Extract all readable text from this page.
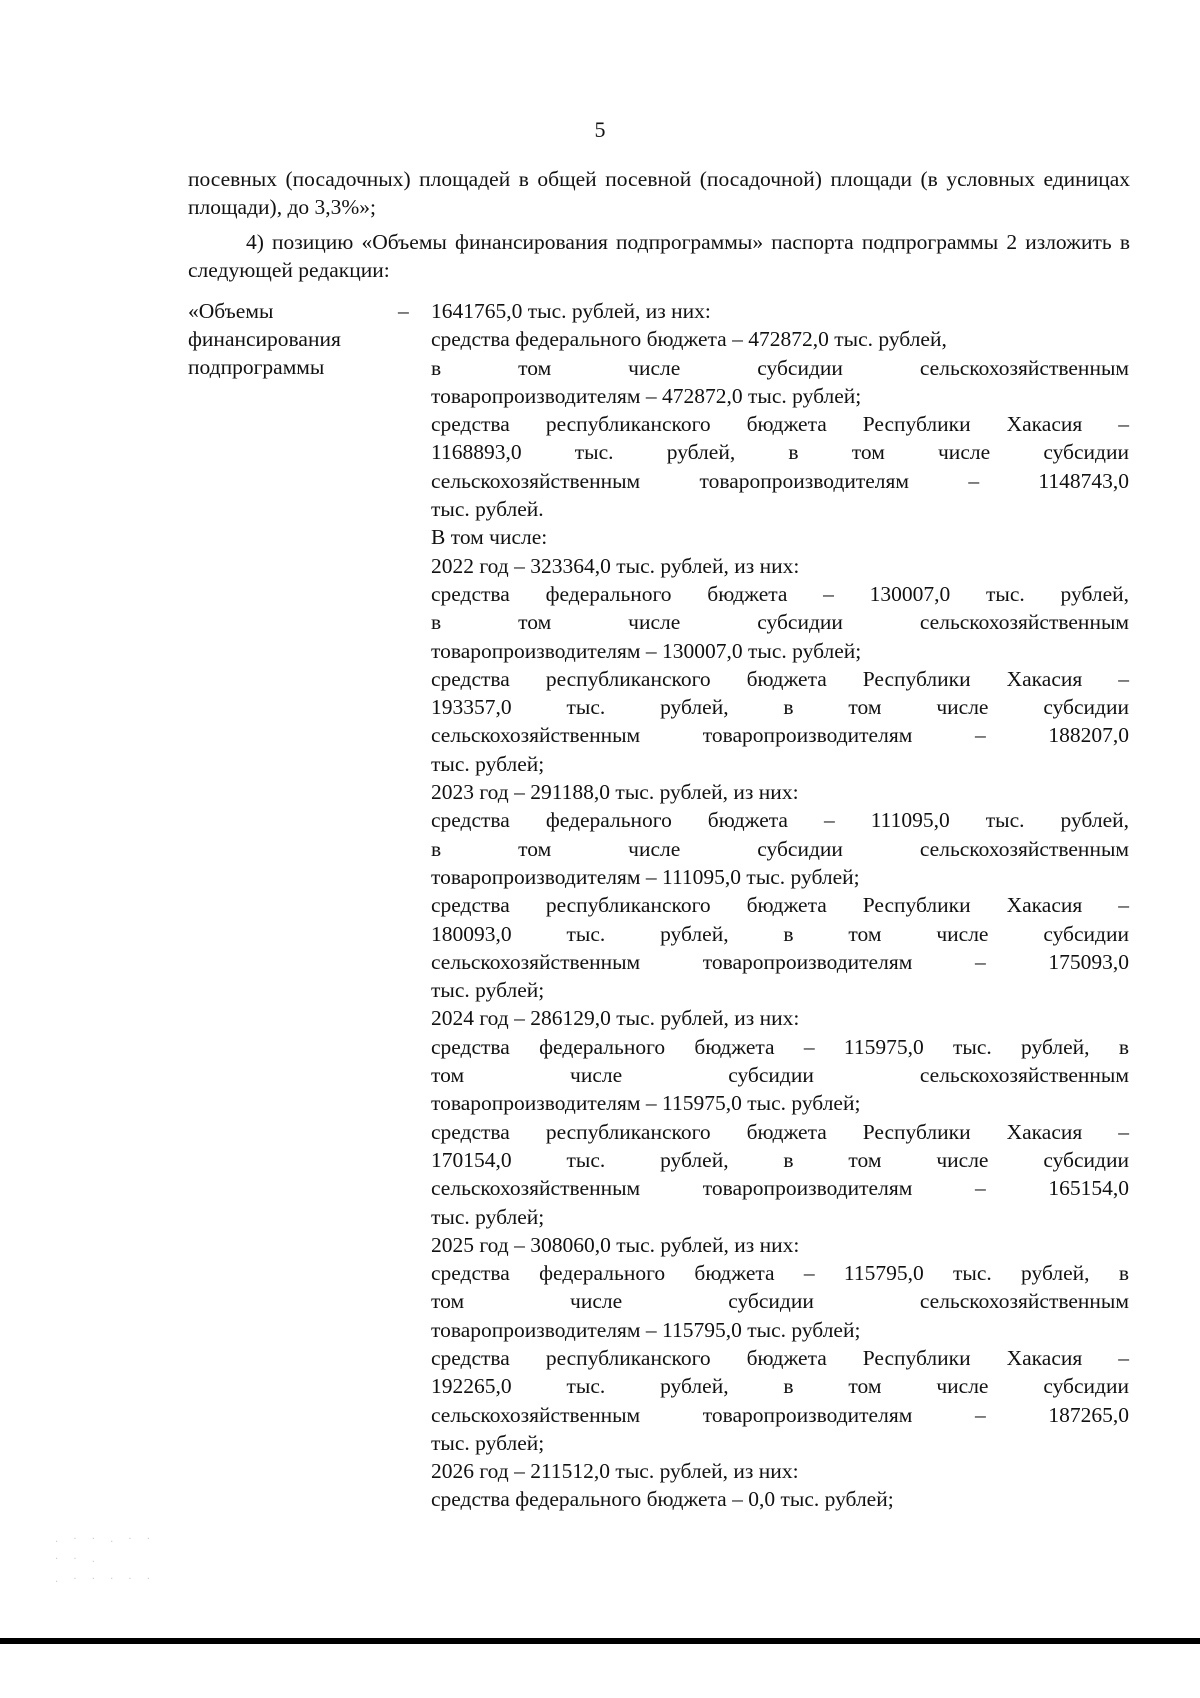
5
посевных (посадочных) площадей в общей посевной (посадочной) площади (в условных единицах площади), до 3,3%»;
4) позицию «Объемы финансирования подпрограммы» паспорта подпрограммы 2 изложить в следующей редакции:
«Объемы
финансирования
подпрограммы
– 1641765,0 тыс. рублей, из них:
средства федерального бюджета – 472872,0 тыс. рублей,
в том числе субсидии сельскохозяйственным
товаропроизводителям – 472872,0 тыс. рублей;
средства республиканского бюджета Республики Хакасия –
1168893,0 тыс. рублей, в том числе субсидии
сельскохозяйственным товаропроизводителям – 1148743,0
тыс. рублей.
В том числе:
2022 год – 323364,0 тыс. рублей, из них:
средства федерального бюджета – 130007,0 тыс. рублей,
в том числе субсидии сельскохозяйственным
товаропроизводителям – 130007,0 тыс. рублей;
средства республиканского бюджета Республики Хакасия –
193357,0 тыс. рублей, в том числе субсидии
сельскохозяйственным товаропроизводителям – 188207,0
тыс. рублей;
2023 год – 291188,0 тыс. рублей, из них:
средства федерального бюджета – 111095,0 тыс. рублей,
в том числе субсидии сельскохозяйственным
товаропроизводителям – 111095,0 тыс. рублей;
средства республиканского бюджета Республики Хакасия –
180093,0 тыс. рублей, в том числе субсидии
сельскохозяйственным товаропроизводителям – 175093,0
тыс. рублей;
2024 год – 286129,0 тыс. рублей, из них:
средства федерального бюджета – 115975,0 тыс. рублей, в
том числе субсидии сельскохозяйственным
товаропроизводителям – 115975,0 тыс. рублей;
средства республиканского бюджета Республики Хакасия –
170154,0 тыс. рублей, в том числе субсидии
сельскохозяйственным товаропроизводителям – 165154,0
тыс. рублей;
2025 год – 308060,0 тыс. рублей, из них:
средства федерального бюджета – 115795,0 тыс. рублей, в
том числе субсидии сельскохозяйственным
товаропроизводителям – 115795,0 тыс. рублей;
средства республиканского бюджета Республики Хакасия –
192265,0 тыс. рублей, в том числе субсидии
сельскохозяйственным товаропроизводителям – 187265,0
тыс. рублей;
2026 год – 211512,0 тыс. рублей, из них:
средства федерального бюджета – 0,0 тыс. рублей;
. · · . · ·
· · .
. · · · · ·
